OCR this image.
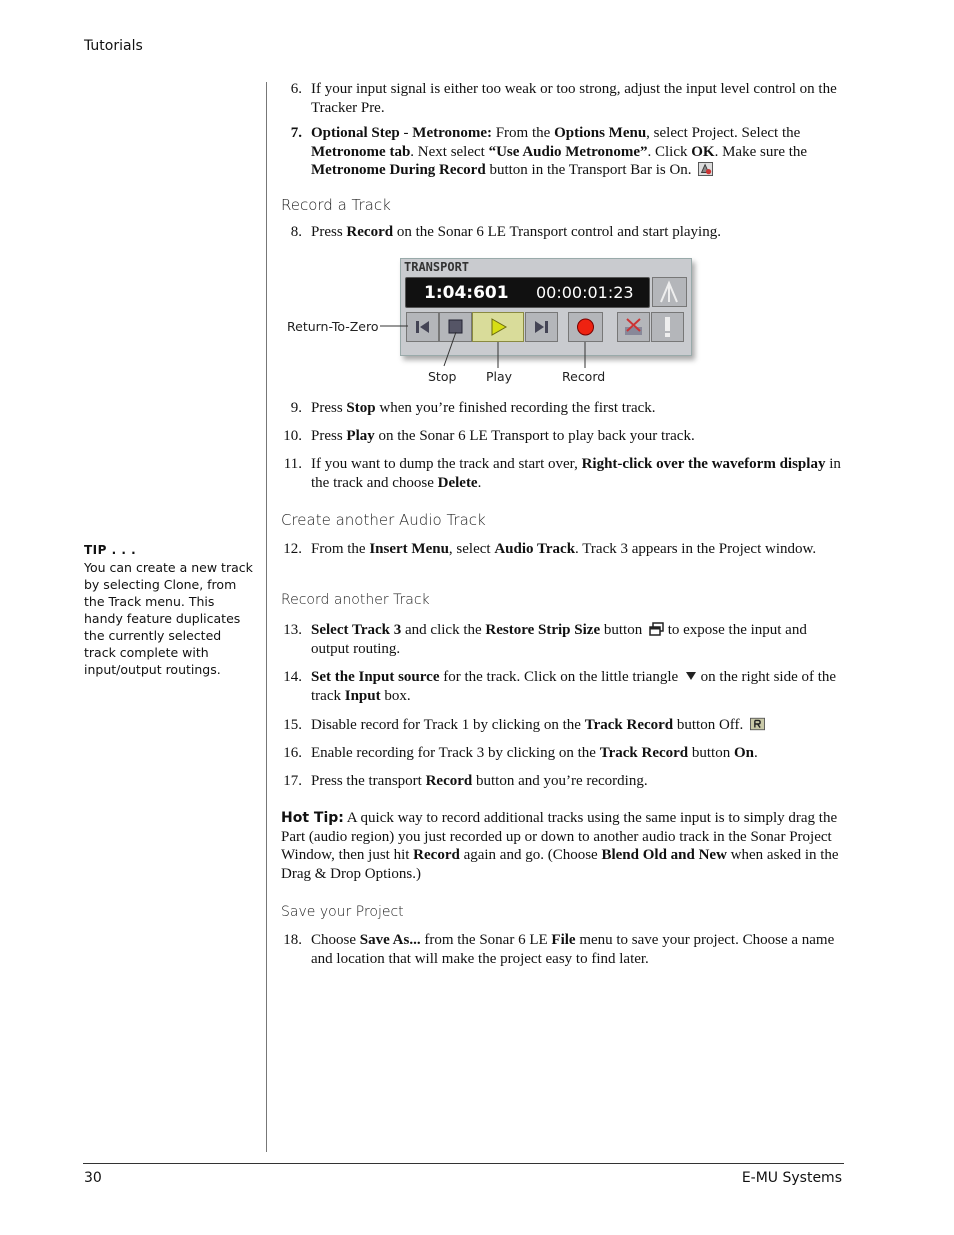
Tutorials
TIP . . .
You can create a new track by selecting Clone, from the Track menu. This handy feature duplicates the currently selected track complete with input/output routings.
6. If your input signal is either too weak or too strong, adjust the input level control on the Tracker Pre.
7. Optional Step - Metronome: From the Options Menu, select Project. Select the Metronome tab. Next select “Use Audio Metronome”. Click OK. Make sure the Metronome During Record button in the Transport Bar is On.
Record a Track
8. Press Record on the Sonar 6 LE Transport control and start playing.
TRANSPORT
1:04:601 00:00:01:23
Return-To-Zero
Stop Play	Record
9. Press Stop when you’re finished recording the first track.
10. Press Play on the Sonar 6 LE Transport to play back your track.
11. If you want to dump the track and start over, Right-click over the waveform display in the track and choose Delete.
Create another Audio Track
12. From the Insert Menu, select Audio Track. Track 3 appears in the Project window.
Record another Track
13. Select Track 3 and click the Restore Strip Size button  to expose the input and output routing.
14. Set the Input source for the track. Click on the little triangle  on the right side of the track Input box.
15. Disable record for Track 1 by clicking on the Track Record button Off.
16. Enable recording for Track 3 by clicking on the Track Record button On.
17. Press the transport Record button and you’re recording.
Hot Tip: A quick way to record additional tracks using the same input is to simply drag the Part (audio region) you just recorded up or down to another audio track in the Sonar Project Window, then just hit Record again and go. (Choose Blend Old and New when asked in the Drag & Drop Options.)
Save your Project
18. Choose Save As... from the Sonar 6 LE File menu to save your project. Choose a name and location that will make the project easy to find later.
30	E-MU Systems
